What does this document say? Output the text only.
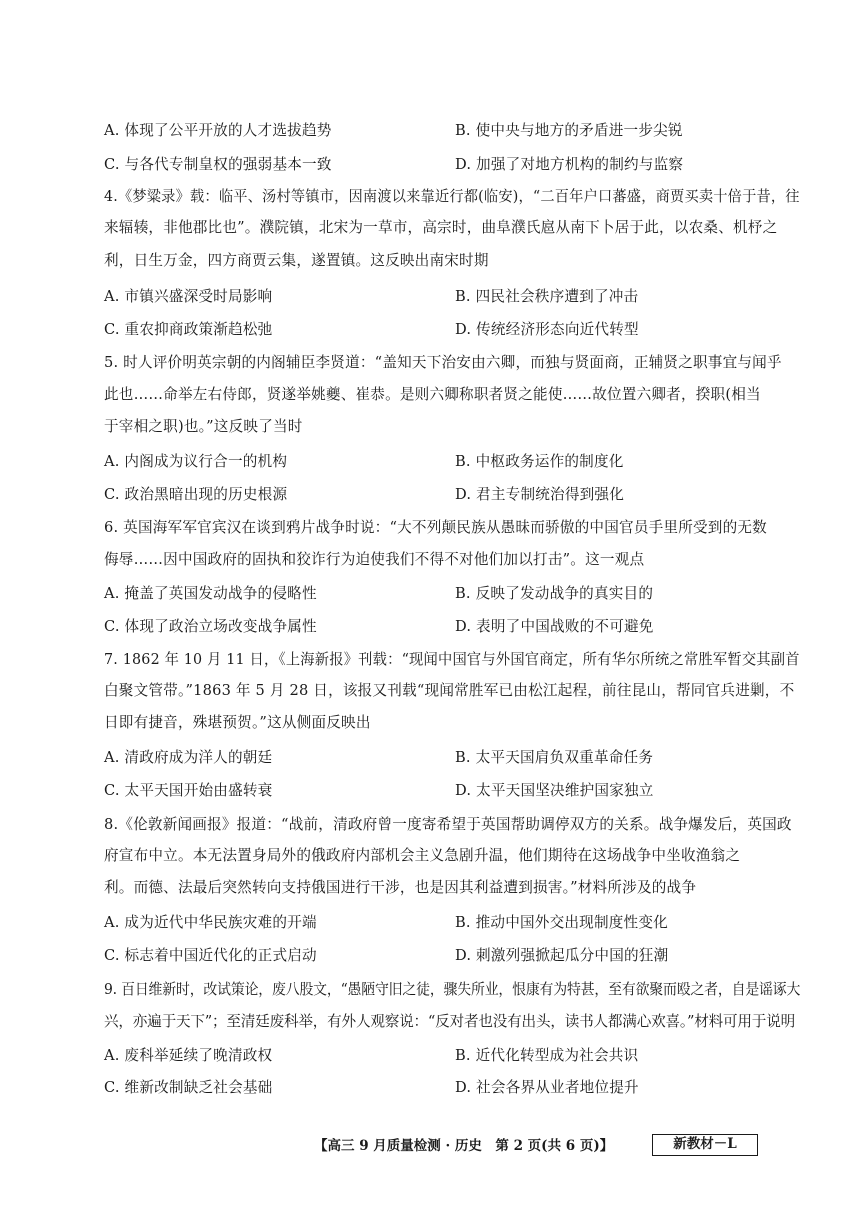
A. 体现了公平开放的人才选拔趋势	B. 使中央与地方的矛盾进一步尖锐
C. 与各代专制皇权的强弱基本一致	D. 加强了对地方机构的制约与监察
4.《梦粱录》载：临平、汤村等镇市，因南渡以来靠近行都(临安)，“二百年户口蕃盛，商贾买卖十倍于昔，往
来辐辏，非他郡比也”。濮院镇，北宋为一草市，高宗时，曲阜濮氏扈从南下卜居于此，以农桑、机杼之
利，日生万金，四方商贾云集，遂置镇。这反映出南宋时期
A. 市镇兴盛深受时局影响	B. 四民社会秩序遭到了冲击
C. 重农抑商政策渐趋松弛	D. 传统经济形态向近代转型
5. 时人评价明英宗朝的内阁辅臣李贤道：“盖知天下治安由六卿，而独与贤面商，正辅贤之职事宜与闻乎
此也……命举左右侍郎，贤遂举姚夔、崔恭。是则六卿称职者贤之能使……故位置六卿者，揆职(相当
于宰相之职)也。”这反映了当时
A. 内阁成为议行合一的机构	B. 中枢政务运作的制度化
C. 政治黑暗出现的历史根源	D. 君主专制统治得到强化
6. 英国海军军官宾汉在谈到鸦片战争时说：“大不列颠民族从愚昧而骄傲的中国官员手里所受到的无数
侮辱……因中国政府的固执和狡诈行为迫使我们不得不对他们加以打击”。这一观点
A. 掩盖了英国发动战争的侵略性	B. 反映了发动战争的真实目的
C. 体现了政治立场改变战争属性	D. 表明了中国战败的不可避免
7. 1862 年 10 月 11 日，《上海新报》刊载：“现闻中国官与外国官商定，所有华尔所统之常胜军暂交其副首
白聚文管带。”1863 年 5 月 28 日，该报又刊载“现闻常胜军已由松江起程，前往昆山，帮同官兵进剿，不
日即有捷音，殊堪预贺。”这从侧面反映出
A. 清政府成为洋人的朝廷	B. 太平天国肩负双重革命任务
C. 太平天国开始由盛转衰	D. 太平天国坚决维护国家独立
8.《伦敦新闻画报》报道：“战前，清政府曾一度寄希望于英国帮助调停双方的关系。战争爆发后，英国政
府宣布中立。本无法置身局外的俄政府内部机会主义急剧升温，他们期待在这场战争中坐收渔翁之
利。而德、法最后突然转向支持俄国进行干涉，也是因其利益遭到损害。”材料所涉及的战争
A. 成为近代中华民族灾难的开端	B. 推动中国外交出现制度性变化
C. 标志着中国近代化的正式启动	D. 刺激列强掀起瓜分中国的狂潮
9. 百日维新时，改试策论，废八股文，“愚陋守旧之徒，骤失所业，恨康有为特甚，至有欲聚而殴之者，自是谣诼大
兴，亦遍于天下”；至清廷废科举，有外人观察说：“反对者也没有出头，读书人都满心欢喜。”材料可用于说明
A. 废科举延续了晚清政权	B. 近代化转型成为社会共识
C. 维新改制缺乏社会基础	D. 社会各界从业者地位提升
【高三 9 月质量检测 · 历史　第 2 页(共 6 页)】	新教材－L
